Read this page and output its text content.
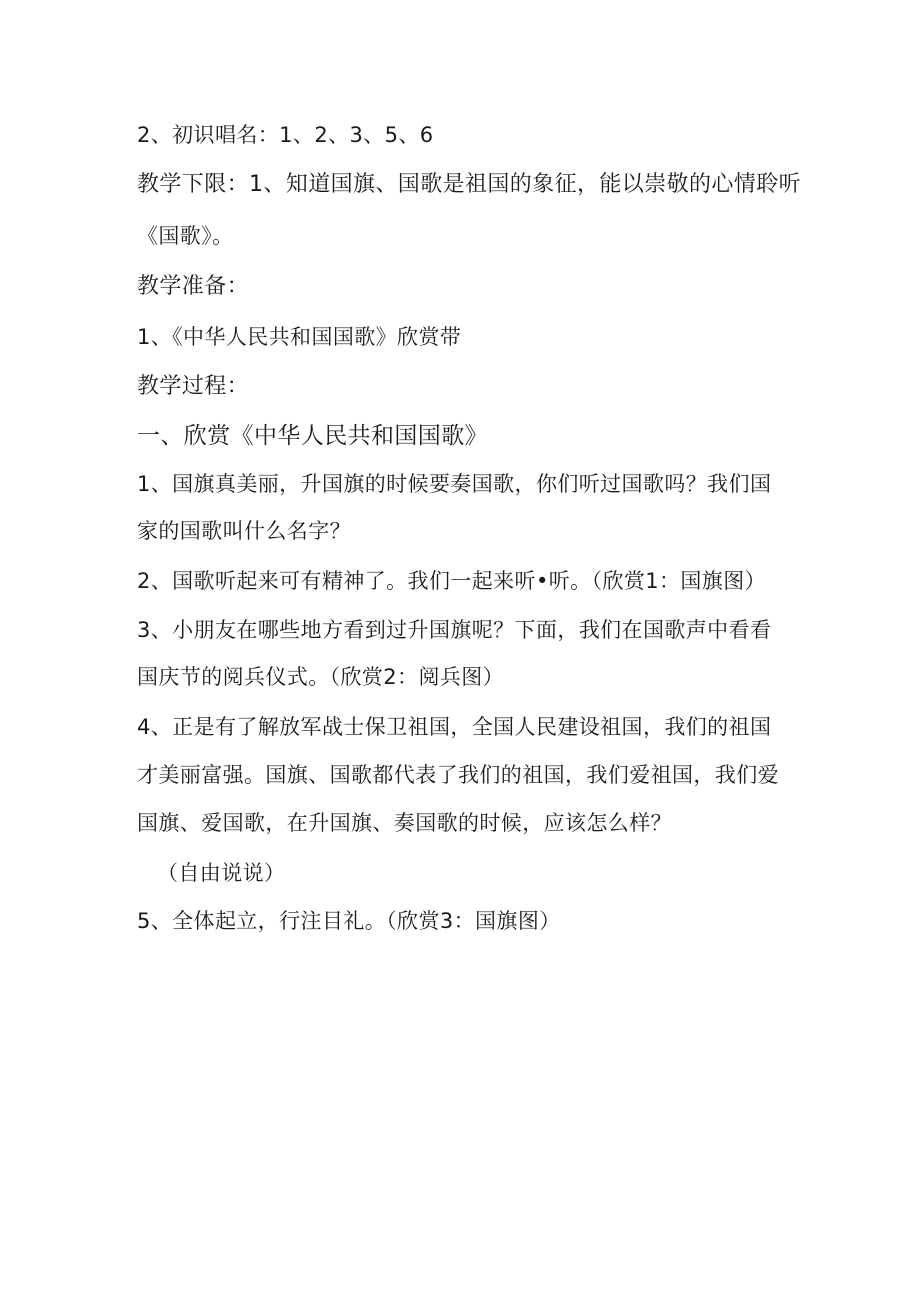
2、初识唱名：1、2、3、5、6
教学下限：1、知道国旗、国歌是祖国的象征，能以崇敬的心情聆听
《国歌》。
教学准备：
1、《中华人民共和国国歌》欣赏带
教学过程：
一、欣赏《中华人民共和国国歌》
1、国旗真美丽，升国旗的时候要奏国歌，你们听过国歌吗？我们国
家的国歌叫什么名字？
2、国歌听起来可有精神了。我们一起来听•听。（欣赏1：国旗图）
3、小朋友在哪些地方看到过升国旗呢？下面，我们在国歌声中看看
国庆节的阅兵仪式。（欣赏2：阅兵图）
4、正是有了解放军战士保卫祖国，全国人民建设祖国，我们的祖国
才美丽富强。国旗、国歌都代表了我们的祖国，我们爱祖国，我们爱
国旗、爱国歌，在升国旗、奏国歌的时候，应该怎么样？
（自由说说）
5、全体起立，行注目礼。（欣赏3：国旗图）
